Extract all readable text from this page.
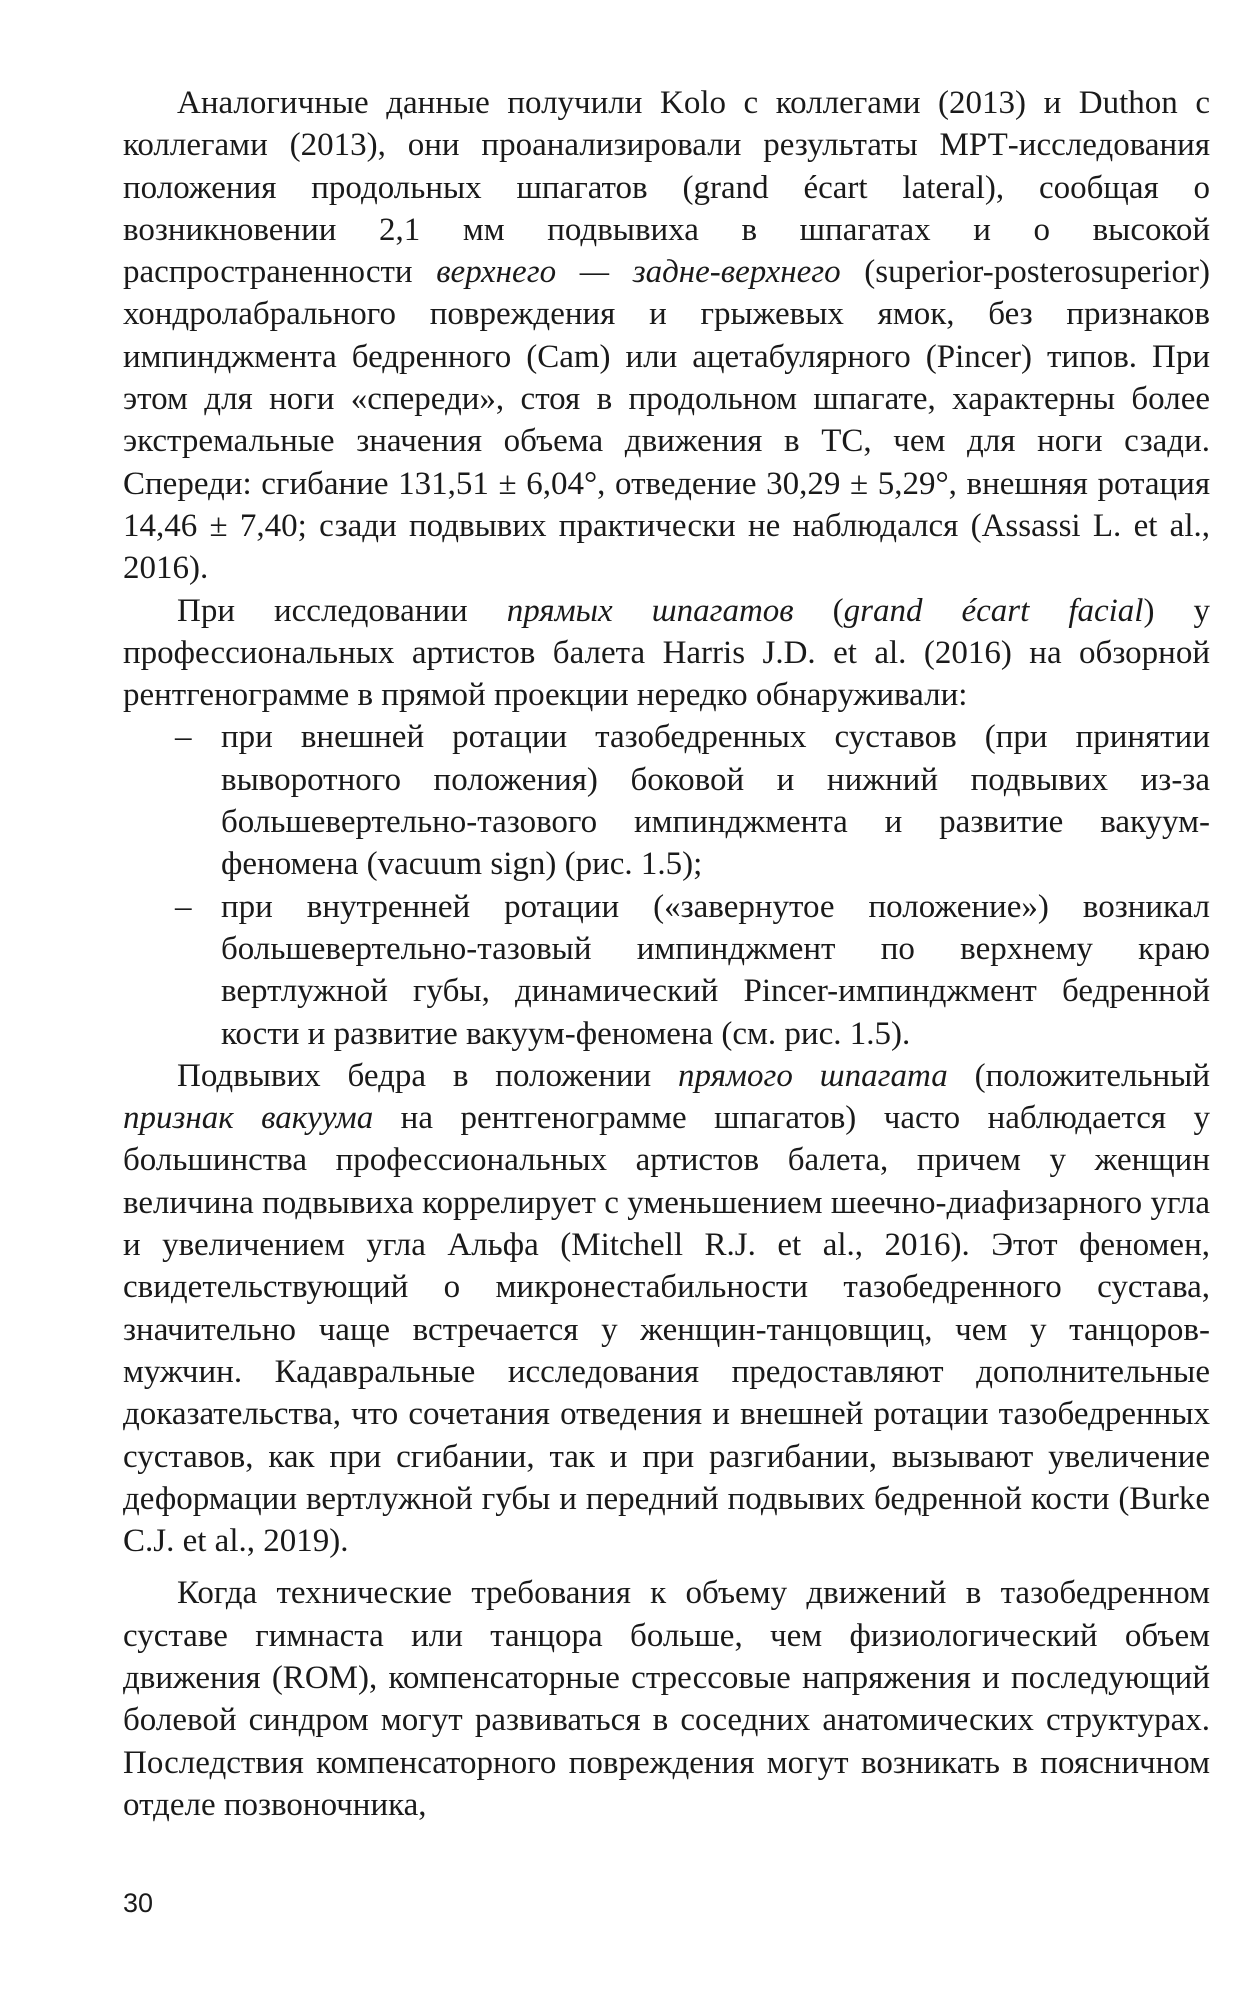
Аналогичные данные получили Kolo с коллегами (2013) и Duthon с коллегами (2013), они проанализировали результаты МРТ-исследования положения продольных шпагатов (grand écart lateral), сообщая о возникновении 2,1 мм подвывиха в шпагатах и о высокой распространенности верхнего — задне-верхнего (superior-posterosuperior) хондролабрального повреждения и грыжевых ямок, без признаков импинджмента бедренного (Cam) или ацетабулярного (Pincer) типов. При этом для ноги «спереди», стоя в продольном шпагате, характерны более экстремальные значения объема движения в ТС, чем для ноги сзади. Спереди: сгибание 131,51 ± 6,04°, отведение 30,29 ± 5,29°, внешняя ротация 14,46 ± 7,40; сзади подвывих практически не наблюдался (Assassi L. et al., 2016).

При исследовании прямых шпагатов (grand écart facial) у профессиональных артистов балета Harris J.D. et al. (2016) на обзорной рентгенограмме в прямой проекции нередко обнаруживали:

– при внешней ротации тазобедренных суставов (при принятии выворотного положения) боковой и нижний подвывих из-за большевертельно-тазового импинджмента и развитие вакуум-феномена (vacuum sign) (рис. 1.5);
– при внутренней ротации («завернутое положение») возникал большевертельно-тазовый импинджмент по верхнему краю вертлужной губы, динамический Pincer-импинджмент бедренной кости и развитие вакуум-феномена (см. рис. 1.5).

Подвывих бедра в положении прямого шпагата (положительный признак вакуума на рентгенограмме шпагатов) часто наблюдается у большинства профессиональных артистов балета, причем у женщин величина подвывиха коррелирует с уменьшением шеечно-диафизарного угла и увеличением угла Альфа (Mitchell R.J. et al., 2016). Этот феномен, свидетельствующий о микронестабильности тазобедренного сустава, значительно чаще встречается у женщин-танцовщиц, чем у танцоров-мужчин. Кадавральные исследования предоставляют дополнительные доказательства, что сочетания отведения и внешней ротации тазобедренных суставов, как при сгибании, так и при разгибании, вызывают увеличение деформации вертлужной губы и передний подвывих бедренной кости (Burke C.J. et al., 2019).

Когда технические требования к объему движений в тазобедренном суставе гимнаста или танцора больше, чем физиологический объем движения (ROM), компенсаторные стрессовые напряжения и последующий болевой синдром могут развиваться в соседних анатомических структурах. Последствия компенсаторного повреждения могут возникать в поясничном отделе позвоночника,

30
